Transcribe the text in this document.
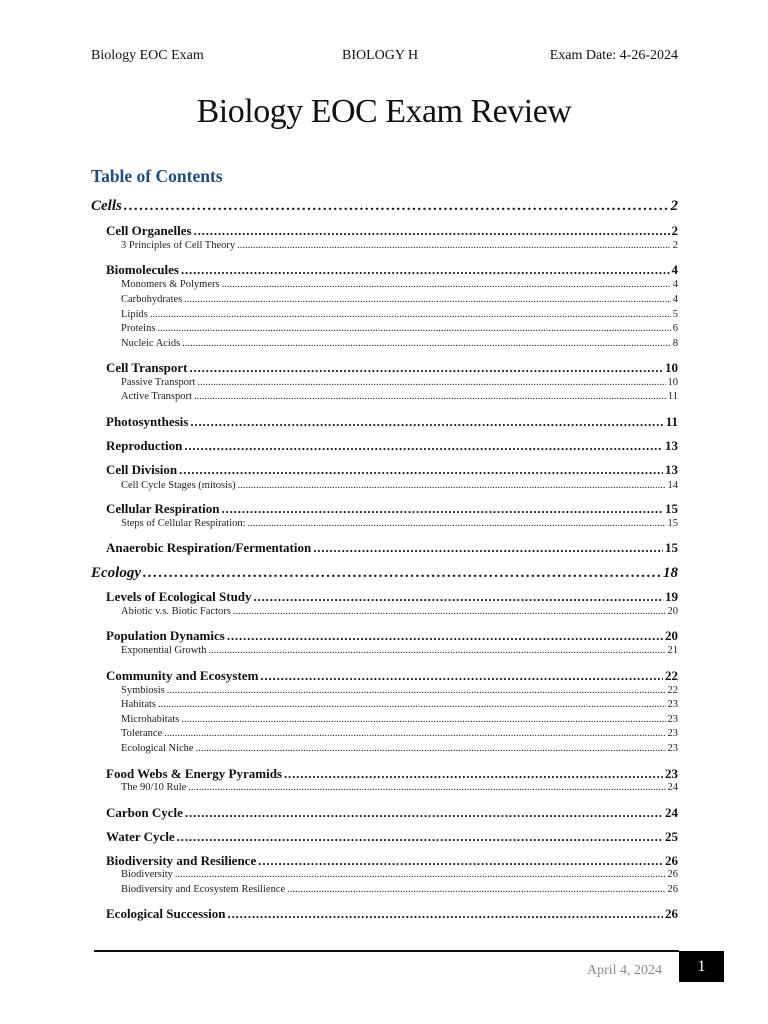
Biology EOC Exam	BIOLOGY H	Exam Date: 4-26-2024
Biology EOC Exam Review
Table of Contents
Cells .....	2
Cell Organelles .....	2
3 Principles of Cell Theory .....	2
Biomolecules .....	4
Monomers & Polymers .....	4
Carbohydrates .....	4
Lipids .....	5
Proteins .....	6
Nucleic Acids .....	8
Cell Transport .....	10
Passive Transport .....	10
Active Transport .....	11
Photosynthesis .....	11
Reproduction .....	13
Cell Division .....	13
Cell Cycle Stages (mitosis) .....	14
Cellular Respiration .....	15
Steps of Cellular Respiration: .....	15
Anaerobic Respiration/Fermentation .....	15
Ecology .....	18
Levels of Ecological Study .....	19
Abiotic v.s. Biotic Factors .....	20
Population Dynamics .....	20
Exponential Growth .....	21
Community and Ecosystem .....	22
Symbiosis .....	22
Habitats .....	23
Microhabitats .....	23
Tolerance .....	23
Ecological Niche .....	23
Food Webs & Energy Pyramids .....	23
The 90/10 Rule .....	24
Carbon Cycle .....	24
Water Cycle .....	25
Biodiversity and Resilience .....	26
Biodiversity .....	26
Biodiversity and Ecosystem Resilience .....	26
Ecological Succession .....	26
April 4, 2024	1
